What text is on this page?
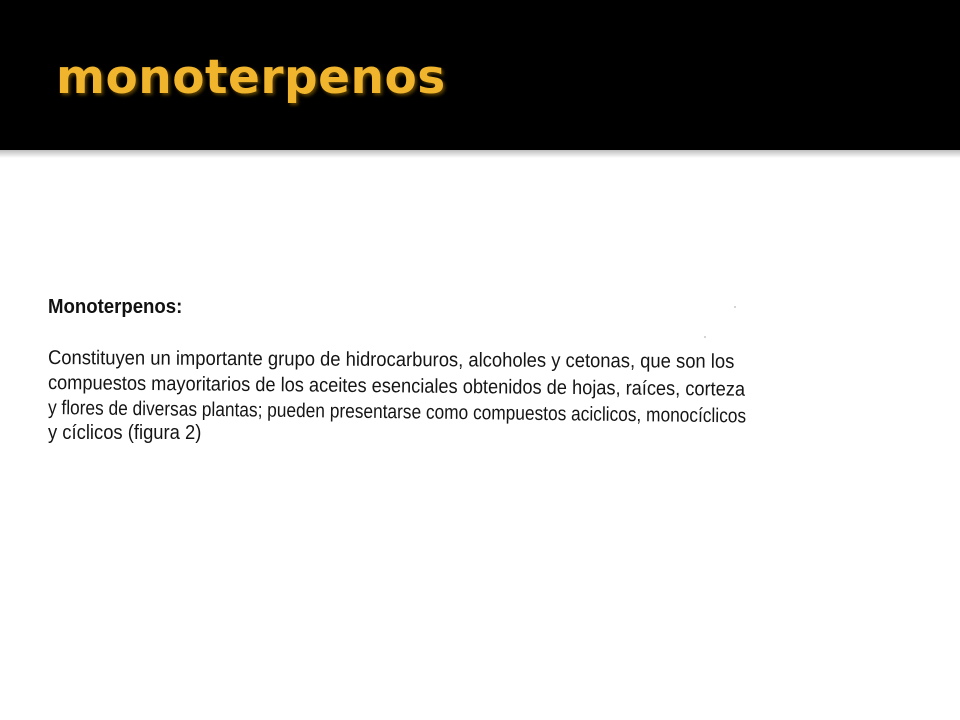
monoterpenos
Monoterpenos:
Constituyen un importante grupo de hidrocarburos, alcoholes y cetonas, que son los
compuestos mayoritarios de los aceites esenciales obtenidos de hojas, raíces, corteza
y flores de diversas plantas; pueden presentarse como compuestos aciclicos, monocíclicos
y cíclicos (figura 2)
